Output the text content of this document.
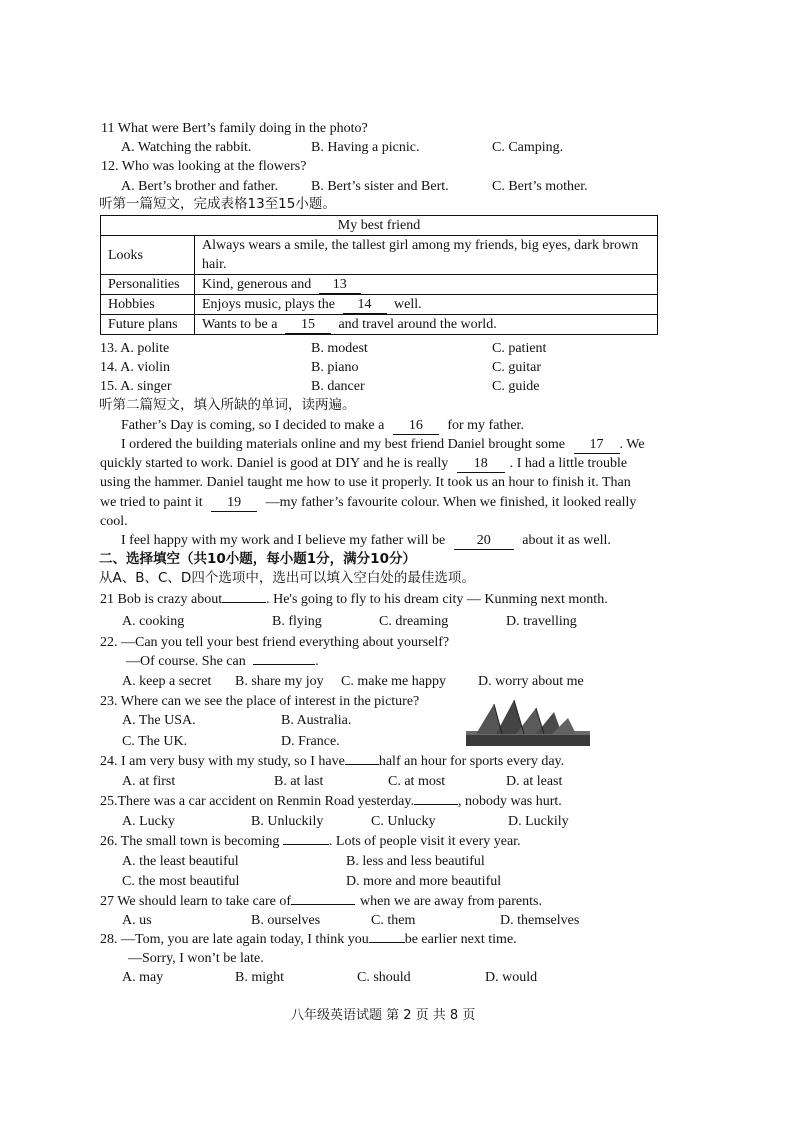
11 What were Bert’s family doing in the photo?
A. Watching the rabbit.	B. Having a picnic.	C. Camping.
12. Who was looking at the flowers?
A. Bert’s brother and father. B. Bert’s sister and Bert.	C. Bert’s mother.
听第一篇短文，完成表格13至15小题。
My best friend	
Looks	Always wears a smile, the tallest girl among my friends, big eyes, dark brown hair.
Personalities	Kind, generous and 13
Hobbies	Enjoys music, plays the 14 well.
Future plans	Wants to be a 15 and travel around the world.
13. A. polite	B. modest	C. patient
14. A. violin	B. piano	C. guitar
15. A. singer	B. dancer	C. guide
听第二篇短文，填入所缺的单词，读两遍。
Father’s Day is coming, so I decided to make a 16 for my father.
I ordered the building materials online and my best friend Daniel brought some 17 . We
quickly started to work. Daniel is good at DIY and he is really 18 . I had a little trouble
using the hammer. Daniel taught me how to use it properly. It took us an hour to finish it. Than
we tried to paint it 19 —my father’s favourite colour. When we finished, it looked really
cool.
I feel happy with my work and I believe my father will be 20 about it as well.
二、选择填空（共10小题，每小题1分，满分10分）
从A、B、C、D四个选项中，选出可以填入空白处的最佳选项。
21 Bob is crazy about	. He's going to fly to his dream city — Kunming next month.
A. cooking	B. flying	C. dreaming	D. travelling
22. —Can you tell your best friend everything about yourself?
—Of course. She can	.
A. keep a secret B. share my joy C. make me happy D. worry about me
23. Where can we see the place of interest in the picture?
A. The USA.	B. Australia.
C. The UK.	D. France.
24. I am very busy with my study, so I have half an hour for sports every day.
A. at first	B. at last	C. at most	D. at least
25.There was a car accident on Renmin Road yesterday.	, nobody was hurt.
A. Lucky	B. Unluckily	C. Unlucky	D. Luckily
26. The small town is becoming	. Lots of people visit it every year.
A. the least beautiful	B. less and less beautiful
C. the most beautiful	D. more and more beautiful
27 We should learn to take care of	when we are away from parents.
A. us	B. ourselves	C. them	D. themselves
28. —Tom, you are late again today, I think you	be earlier next time.
—Sorry, I won’t be late.
A. may	B. might	C. should	D. would
八年级英语试题 第 2 页 共 8 页
